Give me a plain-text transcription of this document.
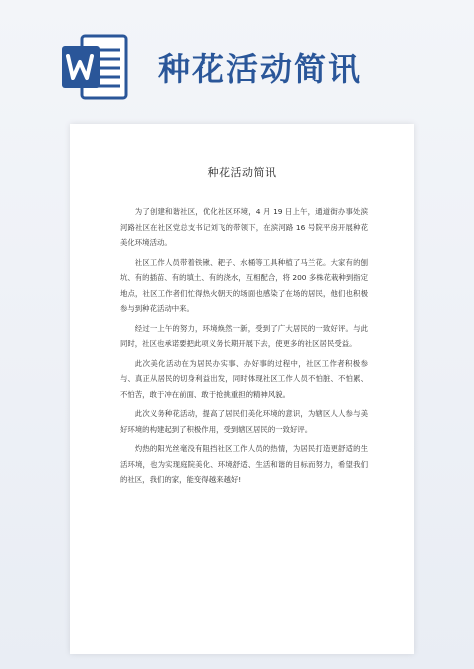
种花活动简讯
种花活动简讯

为了创建和谐社区，优化社区环境，4 月 19 日上午，通道街办事处滨河路社区在社区党总支书记刘飞的带领下，在滨河路 16 号院平房开展种花美化环境活动。

社区工作人员带着铁锹、耙子、水桶等工具种植了马兰花。大家有的刨坑、有的插苗、有的填土、有的浇水，互相配合，将 200 多株花栽种到指定地点，社区工作者们忙得热火朝天的场面也感染了在场的居民，他们也积极参与到种花活动中来。

经过一上午的努力，环境焕然一新，受到了广大居民的一致好评。与此同时，社区也承诺要把此项义务长期开展下去，使更多的社区居民受益。

此次美化活动在为居民办实事、办好事的过程中，社区工作者积极参与、真正从居民的切身利益出发，同时体现社区工作人员不怕脏、不怕累、不怕苦，敢于冲在前面、敢于抢挑重担的精神风貌。

此次义务种花活动，提高了居民们美化环境的意识，为辖区人人参与美好环境的构建起到了积极作用，受到辖区居民的一致好评。

灼热的阳光丝毫没有阻挡社区工作人员的热情，为居民打造更舒适的生活环境，也为实现庭院美化、环境舒适、生活和谐的目标而努力，希望我们的社区，我们的家，能变得越来越好!
